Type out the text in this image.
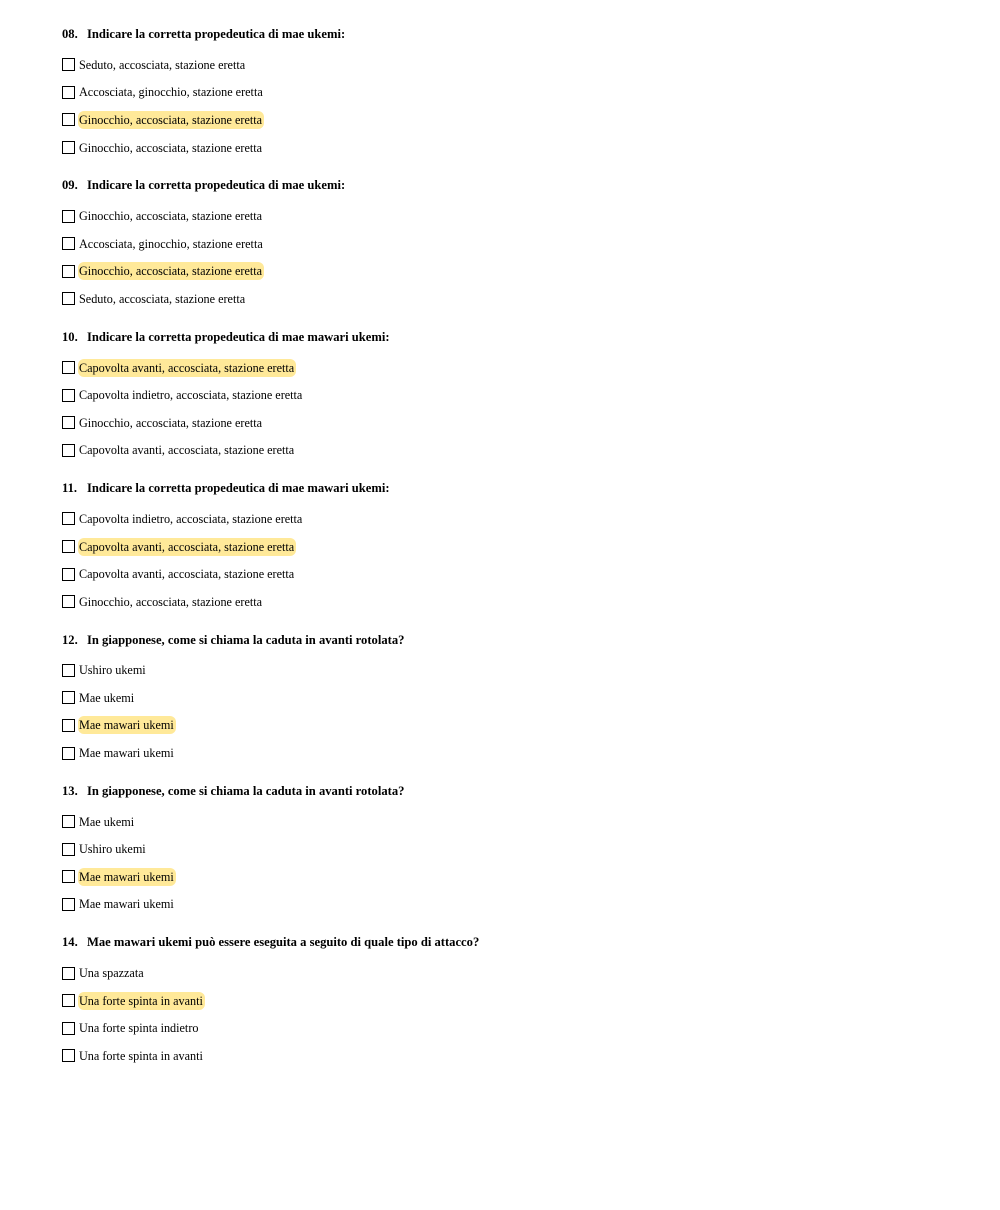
08. Indicare la corretta propedeutica di mae ukemi:
Seduto, accosciata, stazione eretta
Accosciata, ginocchio, stazione eretta
Ginocchio, accosciata, stazione eretta
Ginocchio, accosciata, stazione eretta
09. Indicare la corretta propedeutica di mae ukemi:
Ginocchio, accosciata, stazione eretta
Accosciata, ginocchio, stazione eretta
Ginocchio, accosciata, stazione eretta
Seduto, accosciata, stazione eretta
10. Indicare la corretta propedeutica di mae mawari ukemi:
Capovolta avanti, accosciata, stazione eretta
Capovolta indietro, accosciata, stazione eretta
Ginocchio, accosciata, stazione eretta
Capovolta avanti, accosciata, stazione eretta
11. Indicare la corretta propedeutica di mae mawari ukemi:
Capovolta indietro, accosciata, stazione eretta
Capovolta avanti, accosciata, stazione eretta
Capovolta avanti, accosciata, stazione eretta
Ginocchio, accosciata, stazione eretta
12. In giapponese, come si chiama la caduta in avanti rotolata?
Ushiro ukemi
Mae ukemi
Mae mawari ukemi
Mae mawari ukemi
13. In giapponese, come si chiama la caduta in avanti rotolata?
Mae ukemi
Ushiro ukemi
Mae mawari ukemi
Mae mawari ukemi
14. Mae mawari ukemi può essere eseguita a seguito di quale tipo di attacco?
Una spazzata
Una forte spinta in avanti
Una forte spinta indietro
Una forte spinta in avanti
